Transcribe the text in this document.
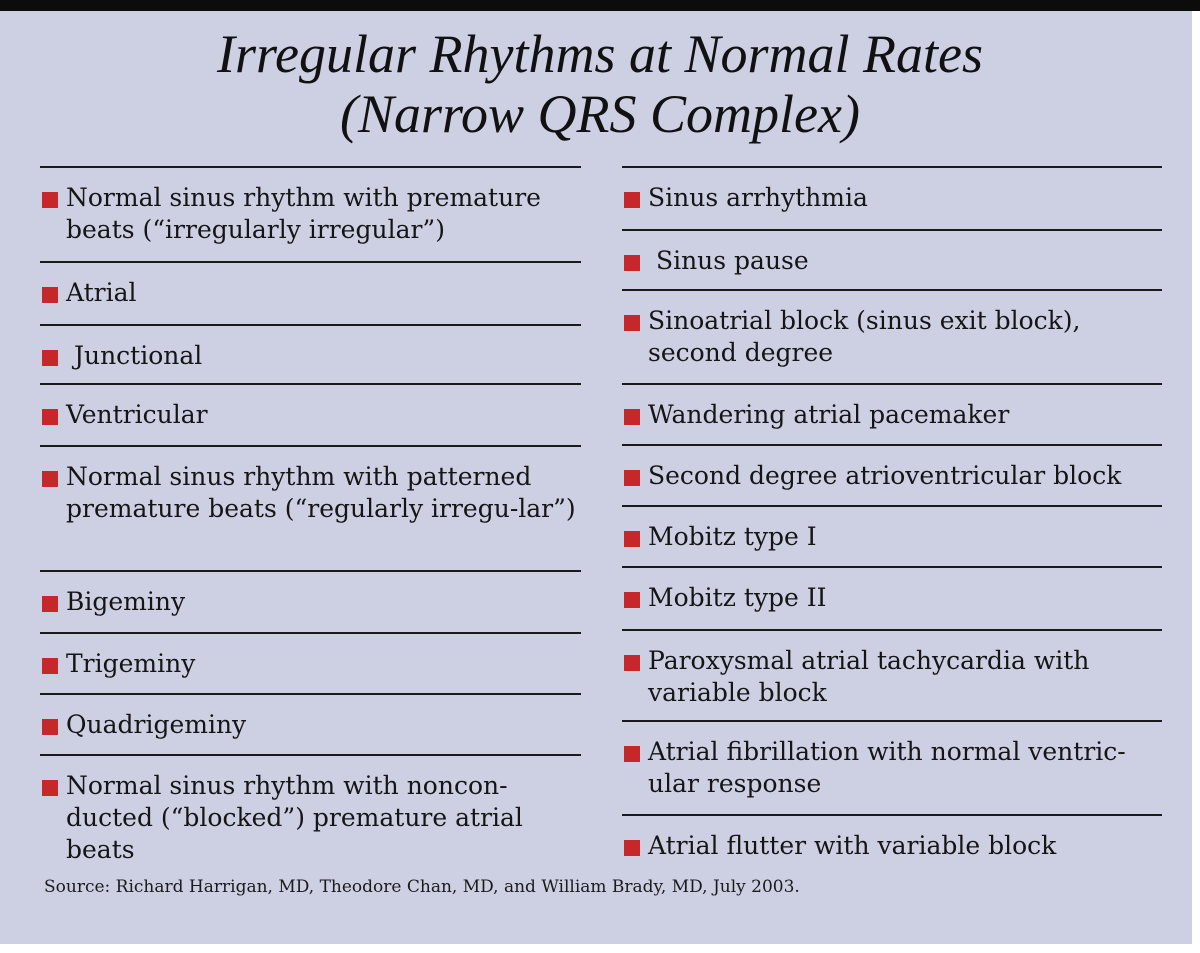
Irregular Rhythms at Normal Rates
(Narrow QRS Complex)
Normal sinus rhythm with premature beats (“irregularly irregular”)
Atrial
Junctional
Ventricular
Normal sinus rhythm with patterned premature beats (“regularly irregu-lar”)
Bigeminy
Trigeminy
Quadrigeminy
Normal sinus rhythm with noncon-ducted (“blocked”) premature atrial beats
Sinus arrhythmia
Sinus pause
Sinoatrial block (sinus exit block), second degree
Wandering atrial pacemaker
Second degree atrioventricular block
Mobitz type I
Mobitz type II
Paroxysmal atrial tachycardia with variable block
Atrial fibrillation with normal ventric-ular response
Atrial flutter with variable block
Source: Richard Harrigan, MD, Theodore Chan, MD, and William Brady, MD, July 2003.
